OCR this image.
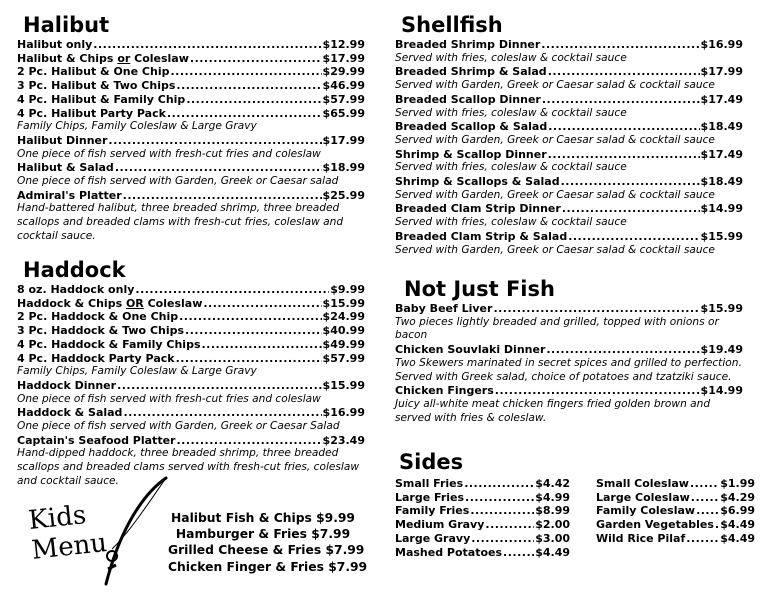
Halibut
Halibut only .....	$12.99
Halibut & Chips or Coleslaw .....	$17.99
2 Pc. Halibut & One Chip .....	$29.99
3 Pc. Halibut & Two Chips .....	$46.99
4 Pc. Halibut & Family Chip .....	$57.99
4 Pc. Halibut Party Pack .....	$65.99
Family Chips, Family Coleslaw & Large Gravy
Halibut Dinner .....	$17.99
One piece of fish served with fresh-cut fries and coleslaw
Halibut & Salad .....	$18.99
One piece of fish served with Garden, Greek or Caesar salad
Admiral's Platter .....	$25.99
Hand-battered halibut, three breaded shrimp, three breaded scallops and breaded clams with fresh-cut fries, coleslaw and cocktail sauce.
Haddock
8 oz. Haddock only .....	$9.99
Haddock & Chips OR Coleslaw .....	$15.99
2 Pc. Haddock & One Chip .....	$24.99
3 Pc. Haddock & Two Chips .....	$40.99
4 Pc. Haddock & Family Chips .....	$49.99
4 Pc. Haddock Party Pack .....	$57.99
Family Chips, Family Coleslaw & Large Gravy
Haddock Dinner .....	$15.99
One piece of fish served with fresh-cut fries and coleslaw
Haddock & Salad .....	$16.99
One piece of fish served with Garden, Greek or Caesar Salad
Captain's Seafood Platter .....	$23.49
Hand-dipped haddock, three breaded shrimp, three breaded scallops and breaded clams served with fresh-cut fries, coleslaw and cocktail sauce.
Kids
Menu
Halibut Fish & Chips $9.99
Hamburger & Fries $7.99
Grilled Cheese & Fries $7.99
Chicken Finger & Fries $7.99
Shellfish
Breaded Shrimp Dinner .....	$16.99
Served with fries, coleslaw & cocktail sauce
Breaded Shrimp & Salad .....	$17.99
Served with Garden, Greek or Caesar salad & cocktail sauce
Breaded Scallop Dinner .....	$17.49
Served with fries, coleslaw & cocktail sauce
Breaded Scallop & Salad .....	$18.49
Served with Garden, Greek or Caesar salad & cocktail sauce
Shrimp & Scallop Dinner .....	$17.49
Served with fries, coleslaw & cocktail sauce
Shrimp & Scallops & Salad .....	$18.49
Served with Garden, Greek or Caesar salad & cocktail sauce
Breaded Clam Strip Dinner .....	$14.99
Served with fries, coleslaw & cocktail sauce
Breaded Clam Strip & Salad .....	$15.99
Served with Garden, Greek or Caesar salad & cocktail sauce
Not Just Fish
Baby Beef Liver .....	$15.99
Two pieces lightly breaded and grilled, topped with onions or bacon
Chicken Souvlaki Dinner .....	$19.49
Two Skewers marinated in secret spices and grilled to perfection. Served with Greek salad, choice of potatoes and tzatziki sauce.
Chicken Fingers .....	$14.99
Juicy all-white meat chicken fingers fried golden brown and served with fries & coleslaw.
Sides
Small Fries .....	$4.42
Large Fries .....	$4.99
Family Fries .....	$8.99
Medium Gravy .....	$2.00
Large Gravy .....	$3.00
Mashed Potatoes .....	$4.49
Small Coleslaw .....	$1.99
Large Coleslaw .....	$4.29
Family Coleslaw ..... $6.99
Garden Vegetables ..... $4.49
Wild Rice Pilaf .....	$4.49
